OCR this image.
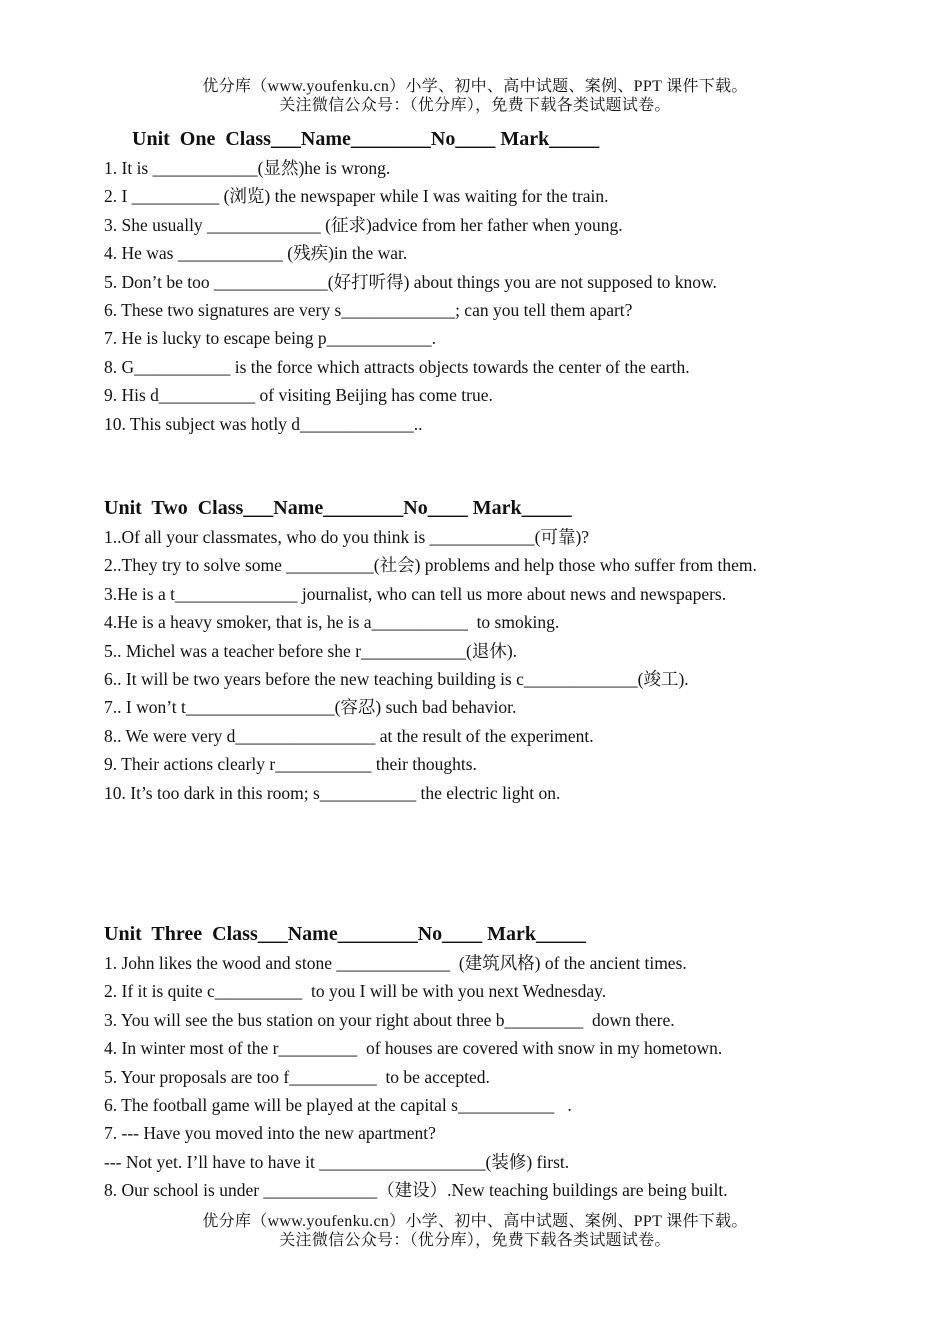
优分库（www.youfenku.cn）小学、初中、高中试题、案例、PPT 课件下载。
关注微信公众号：（优分库），免费下载各类试题试卷。
Unit  One  Class___Name________No____ Mark_____
1. It is ____________(显然)he is wrong.
2. I __________ (浏览) the newspaper while I was waiting for the train.
3. She usually _____________ (征求)advice from her father when young.
4. He was ____________ (残疾)in the war.
5. Don’t be too _____________(好打听得) about things you are not supposed to know.
6. These two signatures are very s_____________; can you tell them apart?
7. He is lucky to escape being p____________.
8. G___________ is the force which attracts objects towards the center of the earth.
9. His d___________ of visiting Beijing has come true.
10. This subject was hotly d_____________..
Unit  Two  Class___Name________No____ Mark_____
1..Of all your classmates, who do you think is ____________(可靠)?
2..They try to solve some __________(社会) problems and help those who suffer from them.
3.He is a t______________ journalist, who can tell us more about news and newspapers.
4.He is a heavy smoker, that is, he is a___________  to smoking.
5.. Michel was a teacher before she r____________(退休).
6.. It will be two years before the new teaching building is c_____________(竣工).
7.. I won’t t_________________(容忍) such bad behavior.
8.. We were very d________________ at the result of the experiment.
9. Their actions clearly r___________ their thoughts.
10. It’s too dark in this room; s___________ the electric light on.
Unit  Three  Class___Name________No____ Mark_____
1. John likes the wood and stone _____________  (建筑风格) of the ancient times.
2. If it is quite c__________  to you I will be with you next Wednesday.
3. You will see the bus station on your right about three b_________  down there.
4. In winter most of the r_________  of houses are covered with snow in my hometown.
5. Your proposals are too f__________  to be accepted.
6. The football game will be played at the capital s___________   .
7. --- Have you moved into the new apartment?
--- Not yet. I’ll have to have it ___________________(装修) first.
8. Our school is under _____________（建设）.New teaching buildings are being built.
优分库（www.youfenku.cn）小学、初中、高中试题、案例、PPT 课件下载。
关注微信公众号：（优分库），免费下载各类试题试卷。
